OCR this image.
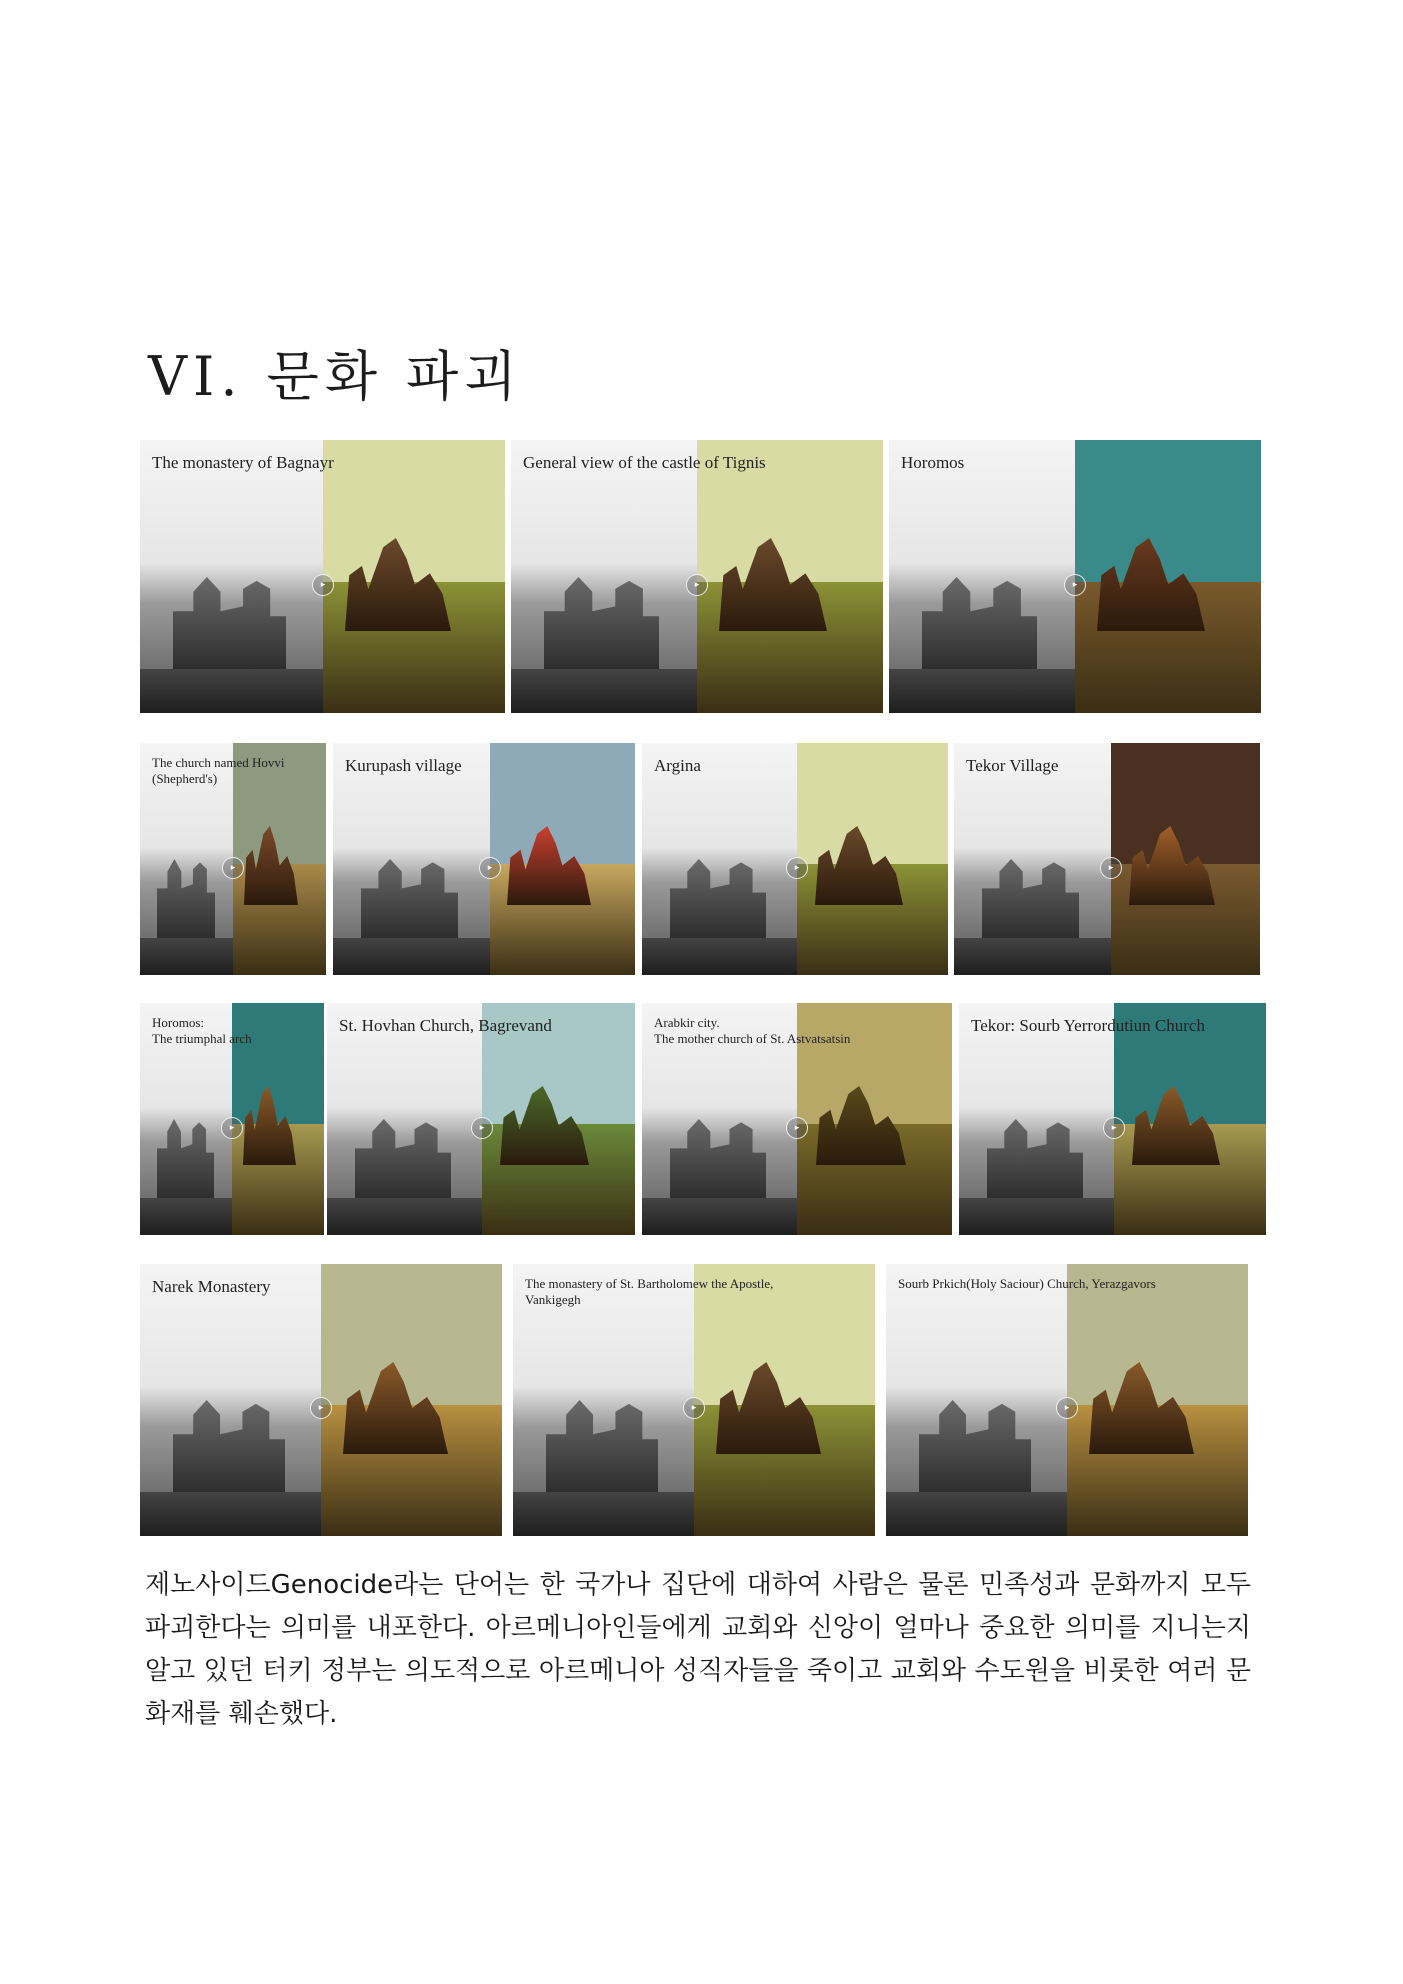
VI. 문화 파괴
The monastery of Bagnayr
▸
General view of the castle of Tignis
▸
Horomos
▸
The church named Hovvi
(Shepherd's)
▸
Kurupash village
▸
Argina
▸
Tekor Village
▸
Horomos:
The triumphal arch
▸
St. Hovhan Church, Bagrevand
▸
Arabkir city.
The mother church of St. Astvatsatsin
▸
Tekor: Sourb Yerrordutiun Church
▸
Narek Monastery
▸
The monastery of St. Bartholomew the Apostle,
Vankigegh
▸
Sourb Prkich(Holy Saciour) Church, Yerazgavors
▸

제노사이드Genocide라는 단어는 한 국가나 집단에 대하여 사람은 물론 민족성과 문화까지 모두 파괴한다는 의미를 내포한다. 아르메니아인들에게 교회와 신앙이 얼마나 중요한 의미를 지니는지 알고 있던 터키 정부는 의도적으로 아르메니아 성직자들을 죽이고 교회와 수도원을 비롯한 여러 문화재를 훼손했다.
